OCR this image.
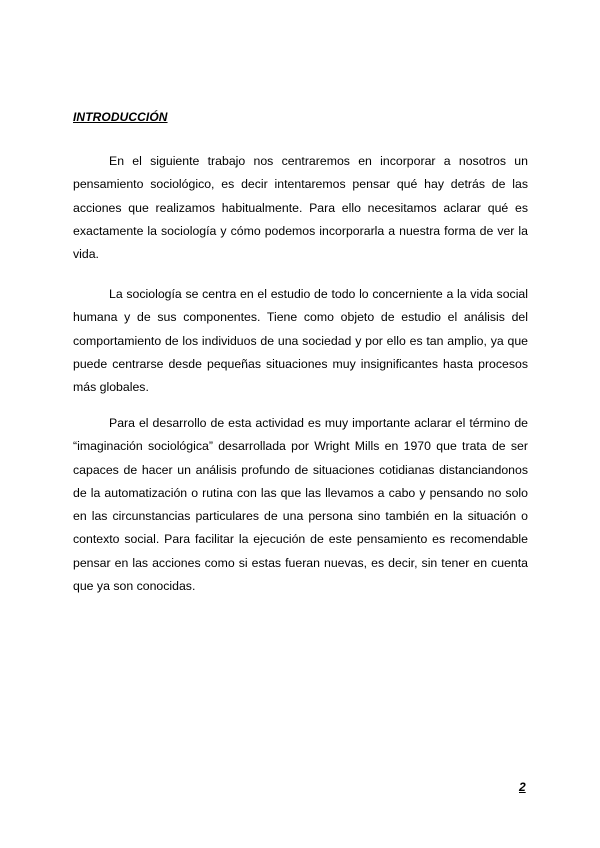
INTRODUCCIÓN

En el siguiente trabajo nos centraremos en incorporar a nosotros un pensamiento sociológico, es decir intentaremos pensar qué hay detrás de las acciones que realizamos habitualmente. Para ello necesitamos aclarar qué es exactamente la sociología y cómo podemos incorporarla a nuestra forma de ver la vida.

La sociología se centra en el estudio de todo lo concerniente a la vida social humana y de sus componentes. Tiene como objeto de estudio el análisis del comportamiento de los individuos de una sociedad y por ello es tan amplio, ya que puede centrarse desde pequeñas situaciones muy insignificantes hasta procesos más globales.

Para el desarrollo de esta actividad es muy importante aclarar el término de “imaginación sociológica” desarrollada por Wright Mills en 1970 que trata de ser capaces de hacer un análisis profundo de situaciones cotidianas distanciandonos de la automatización o rutina con las que las llevamos a cabo y pensando no solo en las circunstancias particulares de una persona sino también en la situación o contexto social. Para facilitar la ejecución de este pensamiento es recomendable pensar en las acciones como si estas fueran nuevas, es decir, sin tener en cuenta que ya son conocidas.

2
